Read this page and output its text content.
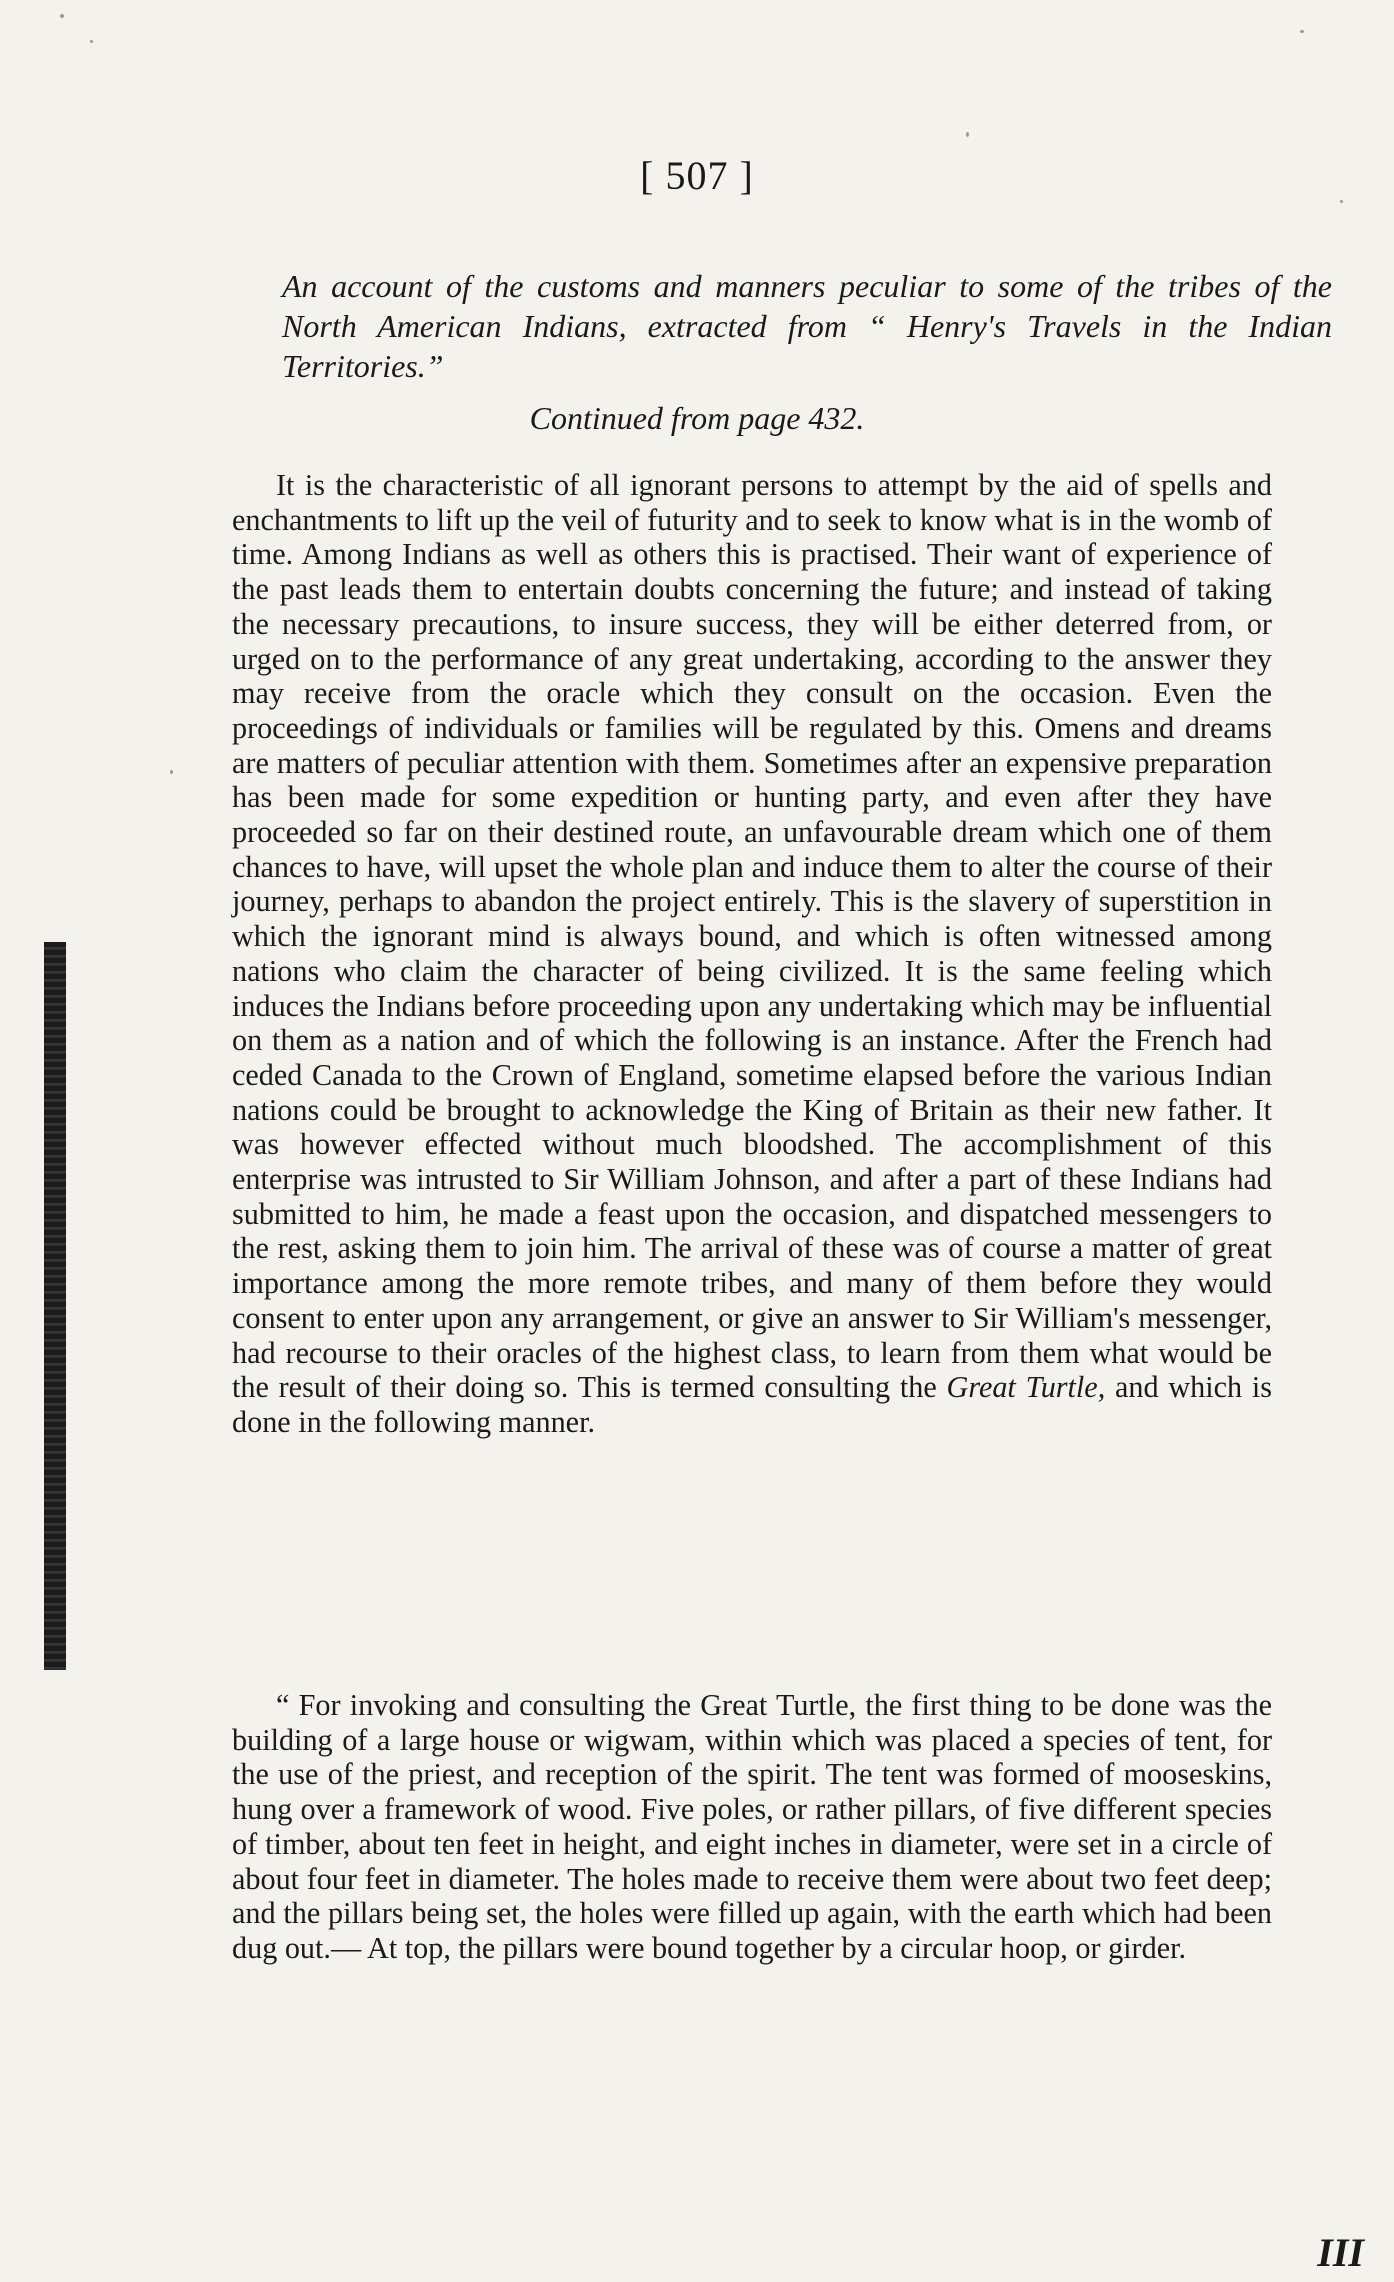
[ 507 ]
An account of the customs and manners peculiar to some of the tribes of the North American Indians, extracted from “ Henry's Travels in the Indian Territories.”
Continued from page 432.

It is the characteristic of all ignorant persons to attempt by the aid of spells and enchantments to lift up the veil of futurity and to seek to know what is in the womb of time. Among Indians as well as others this is practised. Their want of experience of the past leads them to entertain doubts concerning the future; and instead of taking the necessary precautions, to insure success, they will be either deterred from, or urged on to the performance of any great undertaking, according to the answer they may receive from the oracle which they consult on the occasion. Even the proceedings of individuals or families will be regulated by this. Omens and dreams are matters of peculiar attention with them. Sometimes after an expensive preparation has been made for some expedition or hunting party, and even after they have proceeded so far on their destined route, an unfavourable dream which one of them chances to have, will upset the whole plan and induce them to alter the course of their journey, perhaps to abandon the project entirely. This is the slavery of superstition in which the ignorant mind is always bound, and which is often witnessed among nations who claim the character of being civilized. It is the same feeling which induces the Indians before proceeding upon any undertaking which may be influential on them as a nation and of which the following is an instance. After the French had ceded Canada to the Crown of England, sometime elapsed before the various Indian nations could be brought to acknowledge the King of Britain as their new father. It was however effected without much bloodshed. The accomplishment of this enterprise was intrusted to Sir William Johnson, and after a part of these Indians had submitted to him, he made a feast upon the occasion, and dispatched messengers to the rest, asking them to join him. The arrival of these was of course a matter of great importance among the more remote tribes, and many of them before they would consent to enter upon any arrangement, or give an answer to Sir William's messenger, had recourse to their oracles of the highest class, to learn from them what would be the result of their doing so. This is termed consulting the Great Turtle, and which is done in the following manner.

“ For invoking and consulting the Great Turtle, the first thing to be done was the building of a large house or wigwam, within which was placed a species of tent, for the use of the priest, and reception of the spirit. The tent was formed of mooseskins, hung over a framework of wood. Five poles, or rather pillars, of five different species of timber, about ten feet in height, and eight inches in diameter, were set in a circle of about four feet in diameter. The holes made to receive them were about two feet deep; and the pillars being set, the holes were filled up again, with the earth which had been dug out.— At top, the pillars were bound together by a circular hoop, or girder.

III
